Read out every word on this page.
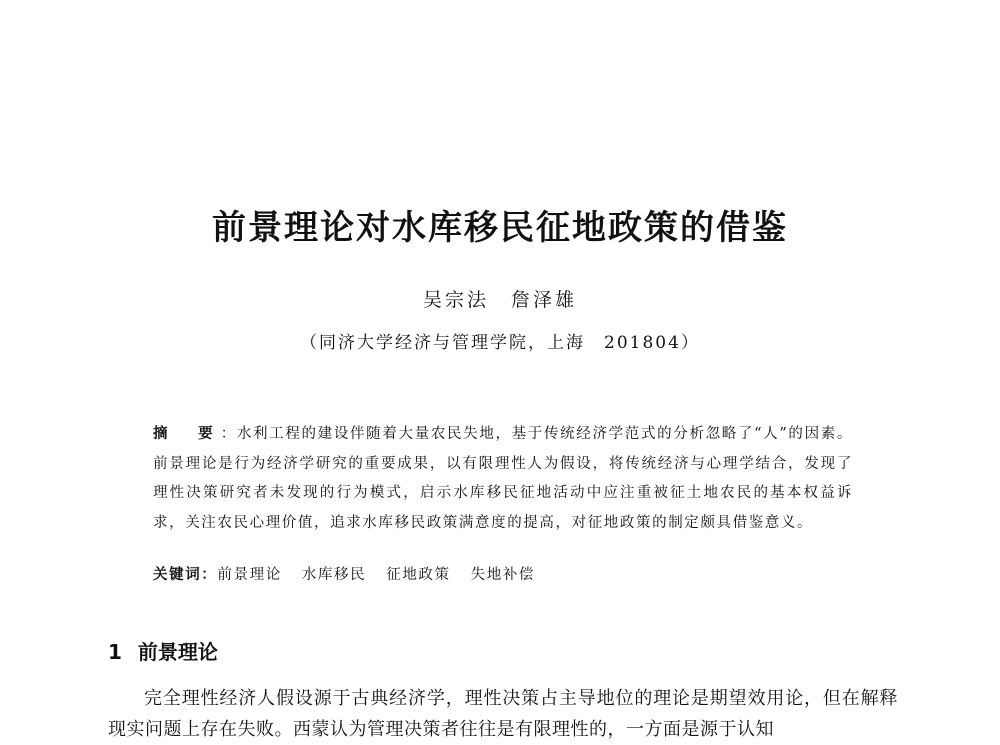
前景理论对水库移民征地政策的借鉴
吴宗法　詹泽雄
（同济大学经济与管理学院，上海　201804）

摘　要：水利工程的建设伴随着大量农民失地，基于传统经济学范式的分析忽略了“人”的因素。前景理论是行为经济学研究的重要成果，以有限理性人为假设，将传统经济与心理学结合，发现了理性决策研究者未发现的行为模式，启示水库移民征地活动中应注重被征土地农民的基本权益诉求，关注农民心理价值，追求水库移民政策满意度的提高，对征地政策的制定颇具借鉴意义。

关键词：前景理论 水库移民 征地政策 失地补偿

1 前景理论

完全理性经济人假设源于古典经济学，理性决策占主导地位的理论是期望效用论，但在解释现实问题上存在失败。西蒙认为管理决策者往往是有限理性的，一方面是源于认知
